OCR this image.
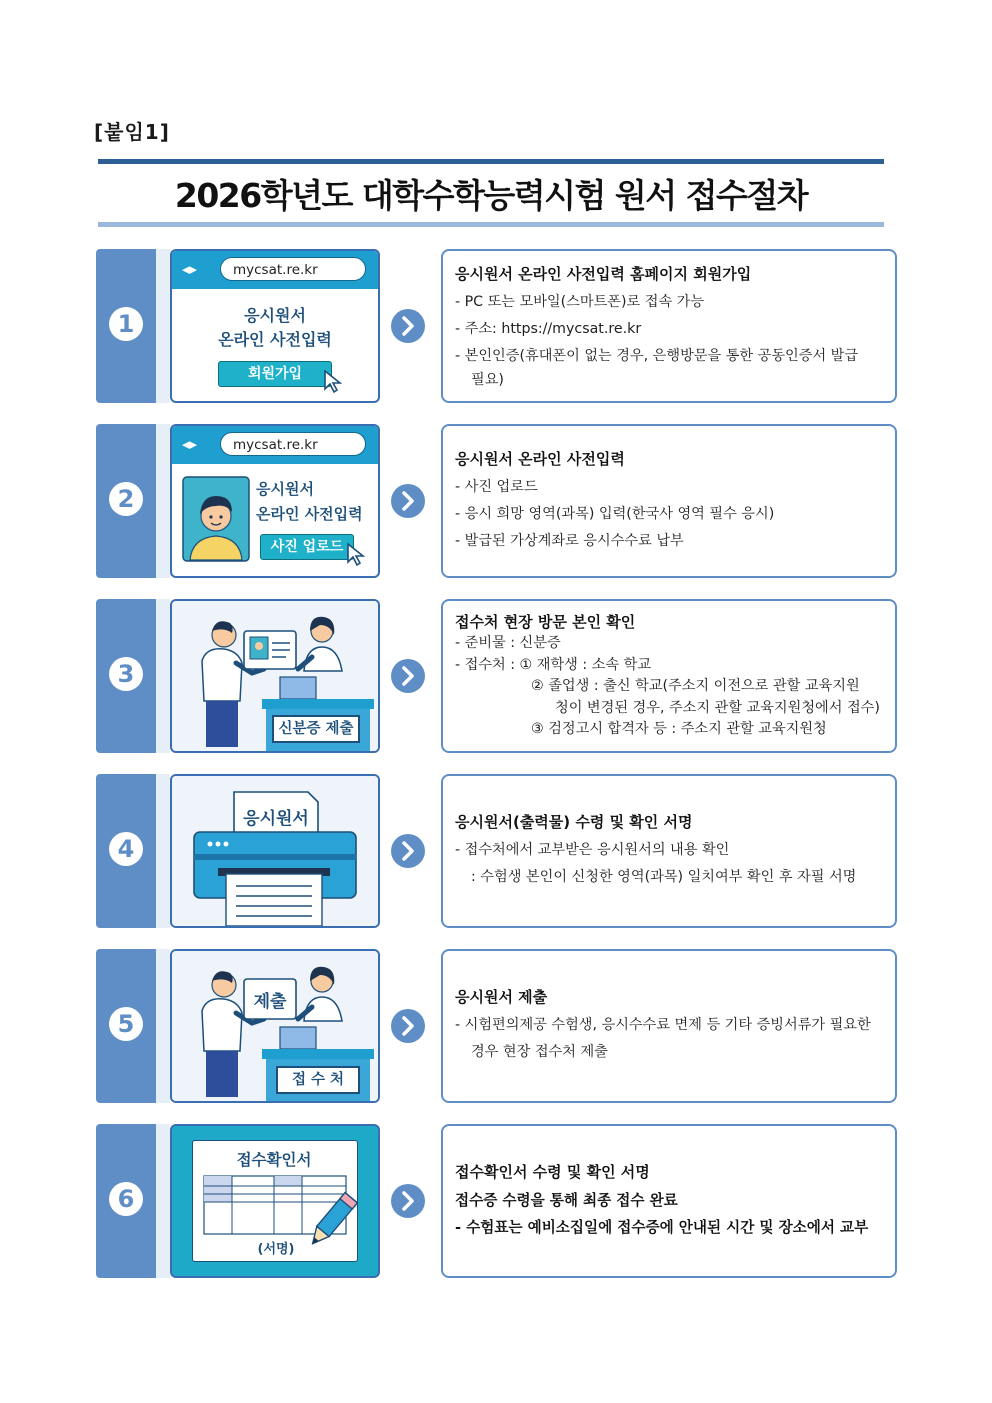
[붙임1]
2026학년도 대학수학능력시험 원서 접수절차
1
◂▸	mycsat.re.kr
응시원서
온라인 사전입력
회원가입
응시원서 온라인 사전입력 홈페이지 회원가입
- PC 또는 모바일(스마트폰)로 접속 가능
- 주소: https://mycsat.re.kr
- 본인인증(휴대폰이 없는 경우, 은행방문을 통한 공동인증서 발급
필요)
2
◂▸	mycsat.re.kr
응시원서
온라인 사전입력
사진 업로드
응시원서 온라인 사전입력
- 사진 업로드
- 응시 희망 영역(과목) 입력(한국사 영역 필수 응시)
- 발급된 가상계좌로 응시수수료 납부
3
신분증 제출
접수처 현장 방문 본인 확인
- 준비물 : 신분증
- 접수처 : ① 재학생 : 소속 학교
② 졸업생 : 출신 학교(주소지 이전으로 관할 교육지원
청이 변경된 경우, 주소지 관할 교육지원청에서 접수)
③ 검정고시 합격자 등 : 주소지 관할 교육지원청
4
응시원서	응시원서(출력물) 수령 및 확인 서명
- 접수처에서 교부받은 응시원서의 내용 확인
: 수험생 본인이 신청한 영역(과목) 일치여부 확인 후 자필 서명
5
제출
접 수 처
응시원서 제출
- 시험편의제공 수험생, 응시수수료 면제 등 기타 증빙서류가 필요한
경우 현장 접수처 제출
6
접수확인서
(서명)
접수확인서 수령 및 확인 서명
접수증 수령을 통해 최종 접수 완료
- 수험표는 예비소집일에 접수증에 안내된 시간 및 장소에서 교부
